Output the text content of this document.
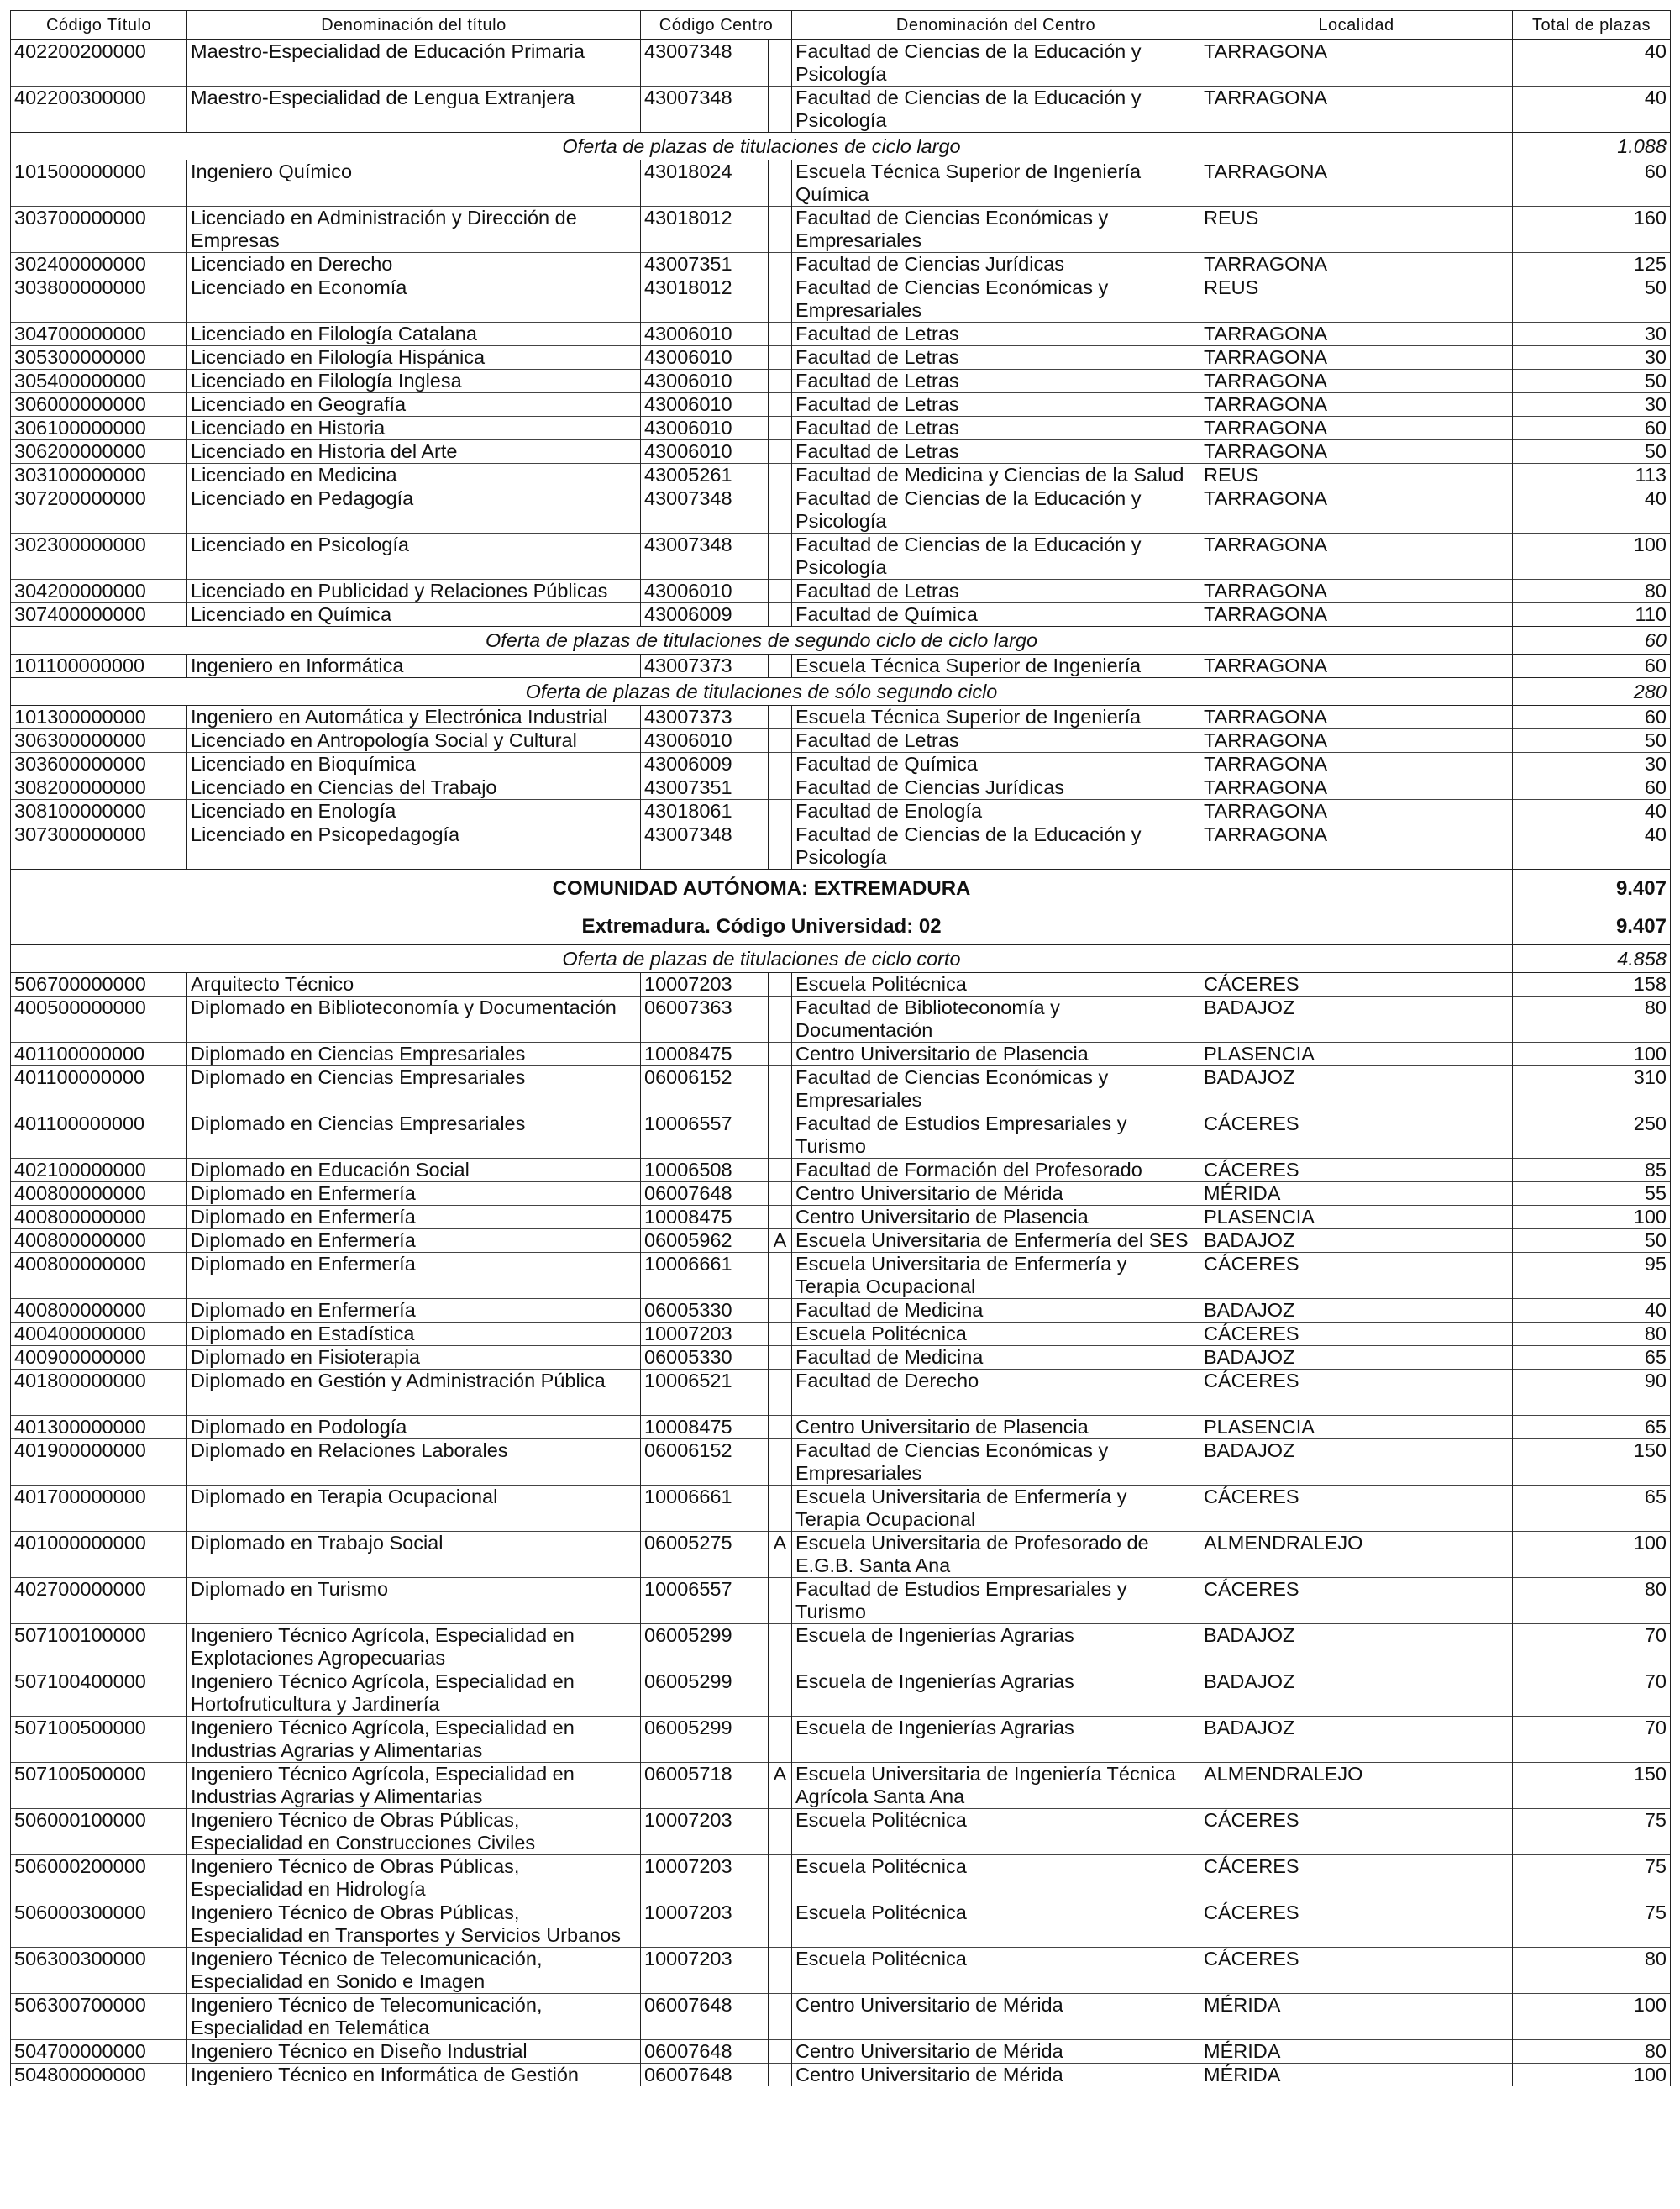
Código Título	Denominación del título	Código Centro		Denominación del Centro	Localidad	Total de plazas
402200200000	Maestro-Especialidad de Educación Primaria	43007348		Facultad de Ciencias de la Educación y Psicología	TARRAGONA	40
402200300000	Maestro-Especialidad de Lengua Extranjera	43007348		Facultad de Ciencias de la Educación y Psicología	TARRAGONA	40
Oferta de plazas de titulaciones de ciclo largo						1.088
101500000000	Ingeniero Químico	43018024		Escuela Técnica Superior de Ingeniería Química	TARRAGONA	60
303700000000	Licenciado en Administración y Dirección de Empresas	43018012		Facultad de Ciencias Económicas y Empresariales	REUS	160
302400000000	Licenciado en Derecho	43007351		Facultad de Ciencias Jurídicas	TARRAGONA	125
303800000000	Licenciado en Economía	43018012		Facultad de Ciencias Económicas y Empresariales	REUS	50
304700000000	Licenciado en Filología Catalana	43006010		Facultad de Letras	TARRAGONA	30
305300000000	Licenciado en Filología Hispánica	43006010		Facultad de Letras	TARRAGONA	30
305400000000	Licenciado en Filología Inglesa	43006010		Facultad de Letras	TARRAGONA	50
306000000000	Licenciado en Geografía	43006010		Facultad de Letras	TARRAGONA	30
306100000000	Licenciado en Historia	43006010		Facultad de Letras	TARRAGONA	60
306200000000	Licenciado en Historia del Arte	43006010		Facultad de Letras	TARRAGONA	50
303100000000	Licenciado en Medicina	43005261		Facultad de Medicina y Ciencias de la Salud	REUS	113
307200000000	Licenciado en Pedagogía	43007348		Facultad de Ciencias de la Educación y Psicología	TARRAGONA	40
302300000000	Licenciado en Psicología	43007348		Facultad de Ciencias de la Educación y Psicología	TARRAGONA	100
304200000000	Licenciado en Publicidad y Relaciones Públicas	43006010		Facultad de Letras	TARRAGONA	80
307400000000	Licenciado en Química	43006009		Facultad de Química	TARRAGONA	110
Oferta de plazas de titulaciones de segundo ciclo de ciclo largo						60
101100000000	Ingeniero en Informática	43007373		Escuela Técnica Superior de Ingeniería	TARRAGONA	60
Oferta de plazas de titulaciones de sólo segundo ciclo						280
101300000000	Ingeniero en Automática y Electrónica Industrial	43007373		Escuela Técnica Superior de Ingeniería	TARRAGONA	60
306300000000	Licenciado en Antropología Social y Cultural	43006010		Facultad de Letras	TARRAGONA	50
303600000000	Licenciado en Bioquímica	43006009		Facultad de Química	TARRAGONA	30
308200000000	Licenciado en Ciencias del Trabajo	43007351		Facultad de Ciencias Jurídicas	TARRAGONA	60
308100000000	Licenciado en Enología	43018061		Facultad de Enología	TARRAGONA	40
307300000000	Licenciado en Psicopedagogía	43007348		Facultad de Ciencias de la Educación y Psicología	TARRAGONA	40
COMUNIDAD AUTÓNOMA: EXTREMADURA						9.407
Extremadura. Código Universidad: 02						9.407
Oferta de plazas de titulaciones de ciclo corto						4.858
506700000000	Arquitecto Técnico	10007203		Escuela Politécnica	CÁCERES	158
400500000000	Diplomado en Biblioteconomía y Documentación	06007363		Facultad de Biblioteconomía y Documentación	BADAJOZ	80
401100000000	Diplomado en Ciencias Empresariales	10008475		Centro Universitario de Plasencia	PLASENCIA	100
401100000000	Diplomado en Ciencias Empresariales	06006152		Facultad de Ciencias Económicas y Empresariales	BADAJOZ	310
401100000000	Diplomado en Ciencias Empresariales	10006557		Facultad de Estudios Empresariales y Turismo	CÁCERES	250
402100000000	Diplomado en Educación Social	10006508		Facultad de Formación del Profesorado	CÁCERES	85
400800000000	Diplomado en Enfermería	06007648		Centro Universitario de Mérida	MÉRIDA	55
400800000000	Diplomado en Enfermería	10008475		Centro Universitario de Plasencia	PLASENCIA	100
400800000000	Diplomado en Enfermería	06005962	A	Escuela Universitaria de Enfermería del SES	BADAJOZ	50
400800000000	Diplomado en Enfermería	10006661		Escuela Universitaria de Enfermería y Terapia Ocupacional	CÁCERES	95
400800000000	Diplomado en Enfermería	06005330		Facultad de Medicina	BADAJOZ	40
400400000000	Diplomado en Estadística	10007203		Escuela Politécnica	CÁCERES	80
400900000000	Diplomado en Fisioterapia	06005330		Facultad de Medicina	BADAJOZ	65
401800000000	Diplomado en Gestión y Administración Pública	10006521		Facultad de Derecho	CÁCERES	90
401300000000	Diplomado en Podología	10008475		Centro Universitario de Plasencia	PLASENCIA	65
401900000000	Diplomado en Relaciones Laborales	06006152		Facultad de Ciencias Económicas y Empresariales	BADAJOZ	150
401700000000	Diplomado en Terapia Ocupacional	10006661		Escuela Universitaria de Enfermería y Terapia Ocupacional	CÁCERES	65
401000000000	Diplomado en Trabajo Social	06005275	A	Escuela Universitaria de Profesorado de E.G.B. Santa Ana	ALMENDRALEJO	100
402700000000	Diplomado en Turismo	10006557		Facultad de Estudios Empresariales y Turismo	CÁCERES	80
507100100000	Ingeniero Técnico Agrícola, Especialidad en Explotaciones Agropecuarias	06005299		Escuela de Ingenierías Agrarias	BADAJOZ	70
507100400000	Ingeniero Técnico Agrícola, Especialidad en Hortofruticultura y Jardinería	06005299		Escuela de Ingenierías Agrarias	BADAJOZ	70
507100500000	Ingeniero Técnico Agrícola, Especialidad en Industrias Agrarias y Alimentarias	06005299		Escuela de Ingenierías Agrarias	BADAJOZ	70
507100500000	Ingeniero Técnico Agrícola, Especialidad en Industrias Agrarias y Alimentarias	06005718	A	Escuela Universitaria de Ingeniería Técnica Agrícola Santa Ana	ALMENDRALEJO	150
506000100000	Ingeniero Técnico de Obras Públicas, Especialidad en Construcciones Civiles	10007203		Escuela Politécnica	CÁCERES	75
506000200000	Ingeniero Técnico de Obras Públicas, Especialidad en Hidrología	10007203		Escuela Politécnica	CÁCERES	75
506000300000	Ingeniero Técnico de Obras Públicas, Especialidad en Transportes y Servicios Urbanos	10007203		Escuela Politécnica	CÁCERES	75
506300300000	Ingeniero Técnico de Telecomunicación, Especialidad en Sonido e Imagen	10007203		Escuela Politécnica	CÁCERES	80
506300700000	Ingeniero Técnico de Telecomunicación, Especialidad en Telemática	06007648		Centro Universitario de Mérida	MÉRIDA	100
504700000000	Ingeniero Técnico en Diseño Industrial	06007648		Centro Universitario de Mérida	MÉRIDA	80
504800000000	Ingeniero Técnico en Informática de Gestión	06007648		Centro Universitario de Mérida	MÉRIDA	100
